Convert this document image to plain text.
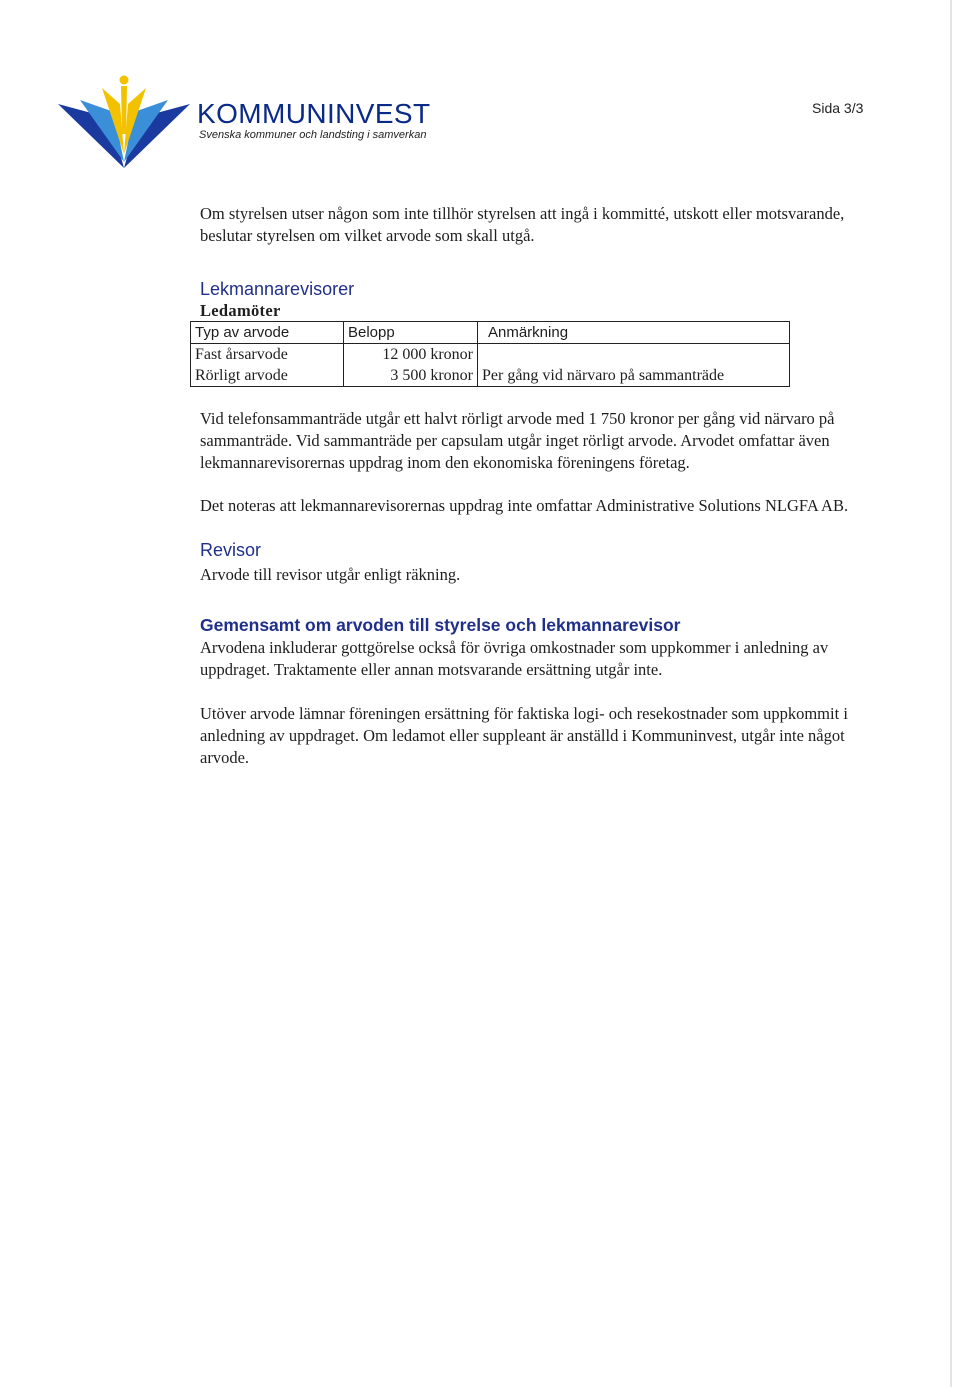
KOMMUNINVEST
Svenska kommuner och landsting i samverkan
Sida 3/3

Om styrelsen utser någon som inte tillhör styrelsen att ingå i kommitté, utskott eller motsvarande, beslutar styrelsen om vilket arvode som skall utgå.

Lekmannarevisorer
Ledamöter
Typ av arvode	Belopp	Anmärkning
Fast årsarvode	12 000 kronor	
Rörligt arvode	3 500 kronor	Per gång vid närvaro på sammanträde

Vid telefonsammanträde utgår ett halvt rörligt arvode med 1 750 kronor per gång vid närvaro på sammanträde. Vid sammanträde per capsulam utgår inget rörligt arvode. Arvodet omfattar även lekmannarevisorernas uppdrag inom den ekonomiska föreningens företag.

Det noteras att lekmannarevisorernas uppdrag inte omfattar Administrative Solutions NLGFA AB.

Revisor

Arvode till revisor utgår enligt räkning.

Gemensamt om arvoden till styrelse och lekmannarevisor

Arvodena inkluderar gottgörelse också för övriga omkostnader som uppkommer i anledning av uppdraget. Traktamente eller annan motsvarande ersättning utgår inte.

Utöver arvode lämnar föreningen ersättning för faktiska logi- och resekostnader som uppkommit i anledning av uppdraget. Om ledamot eller suppleant är anställd i Kommuninvest, utgår inte något arvode.
